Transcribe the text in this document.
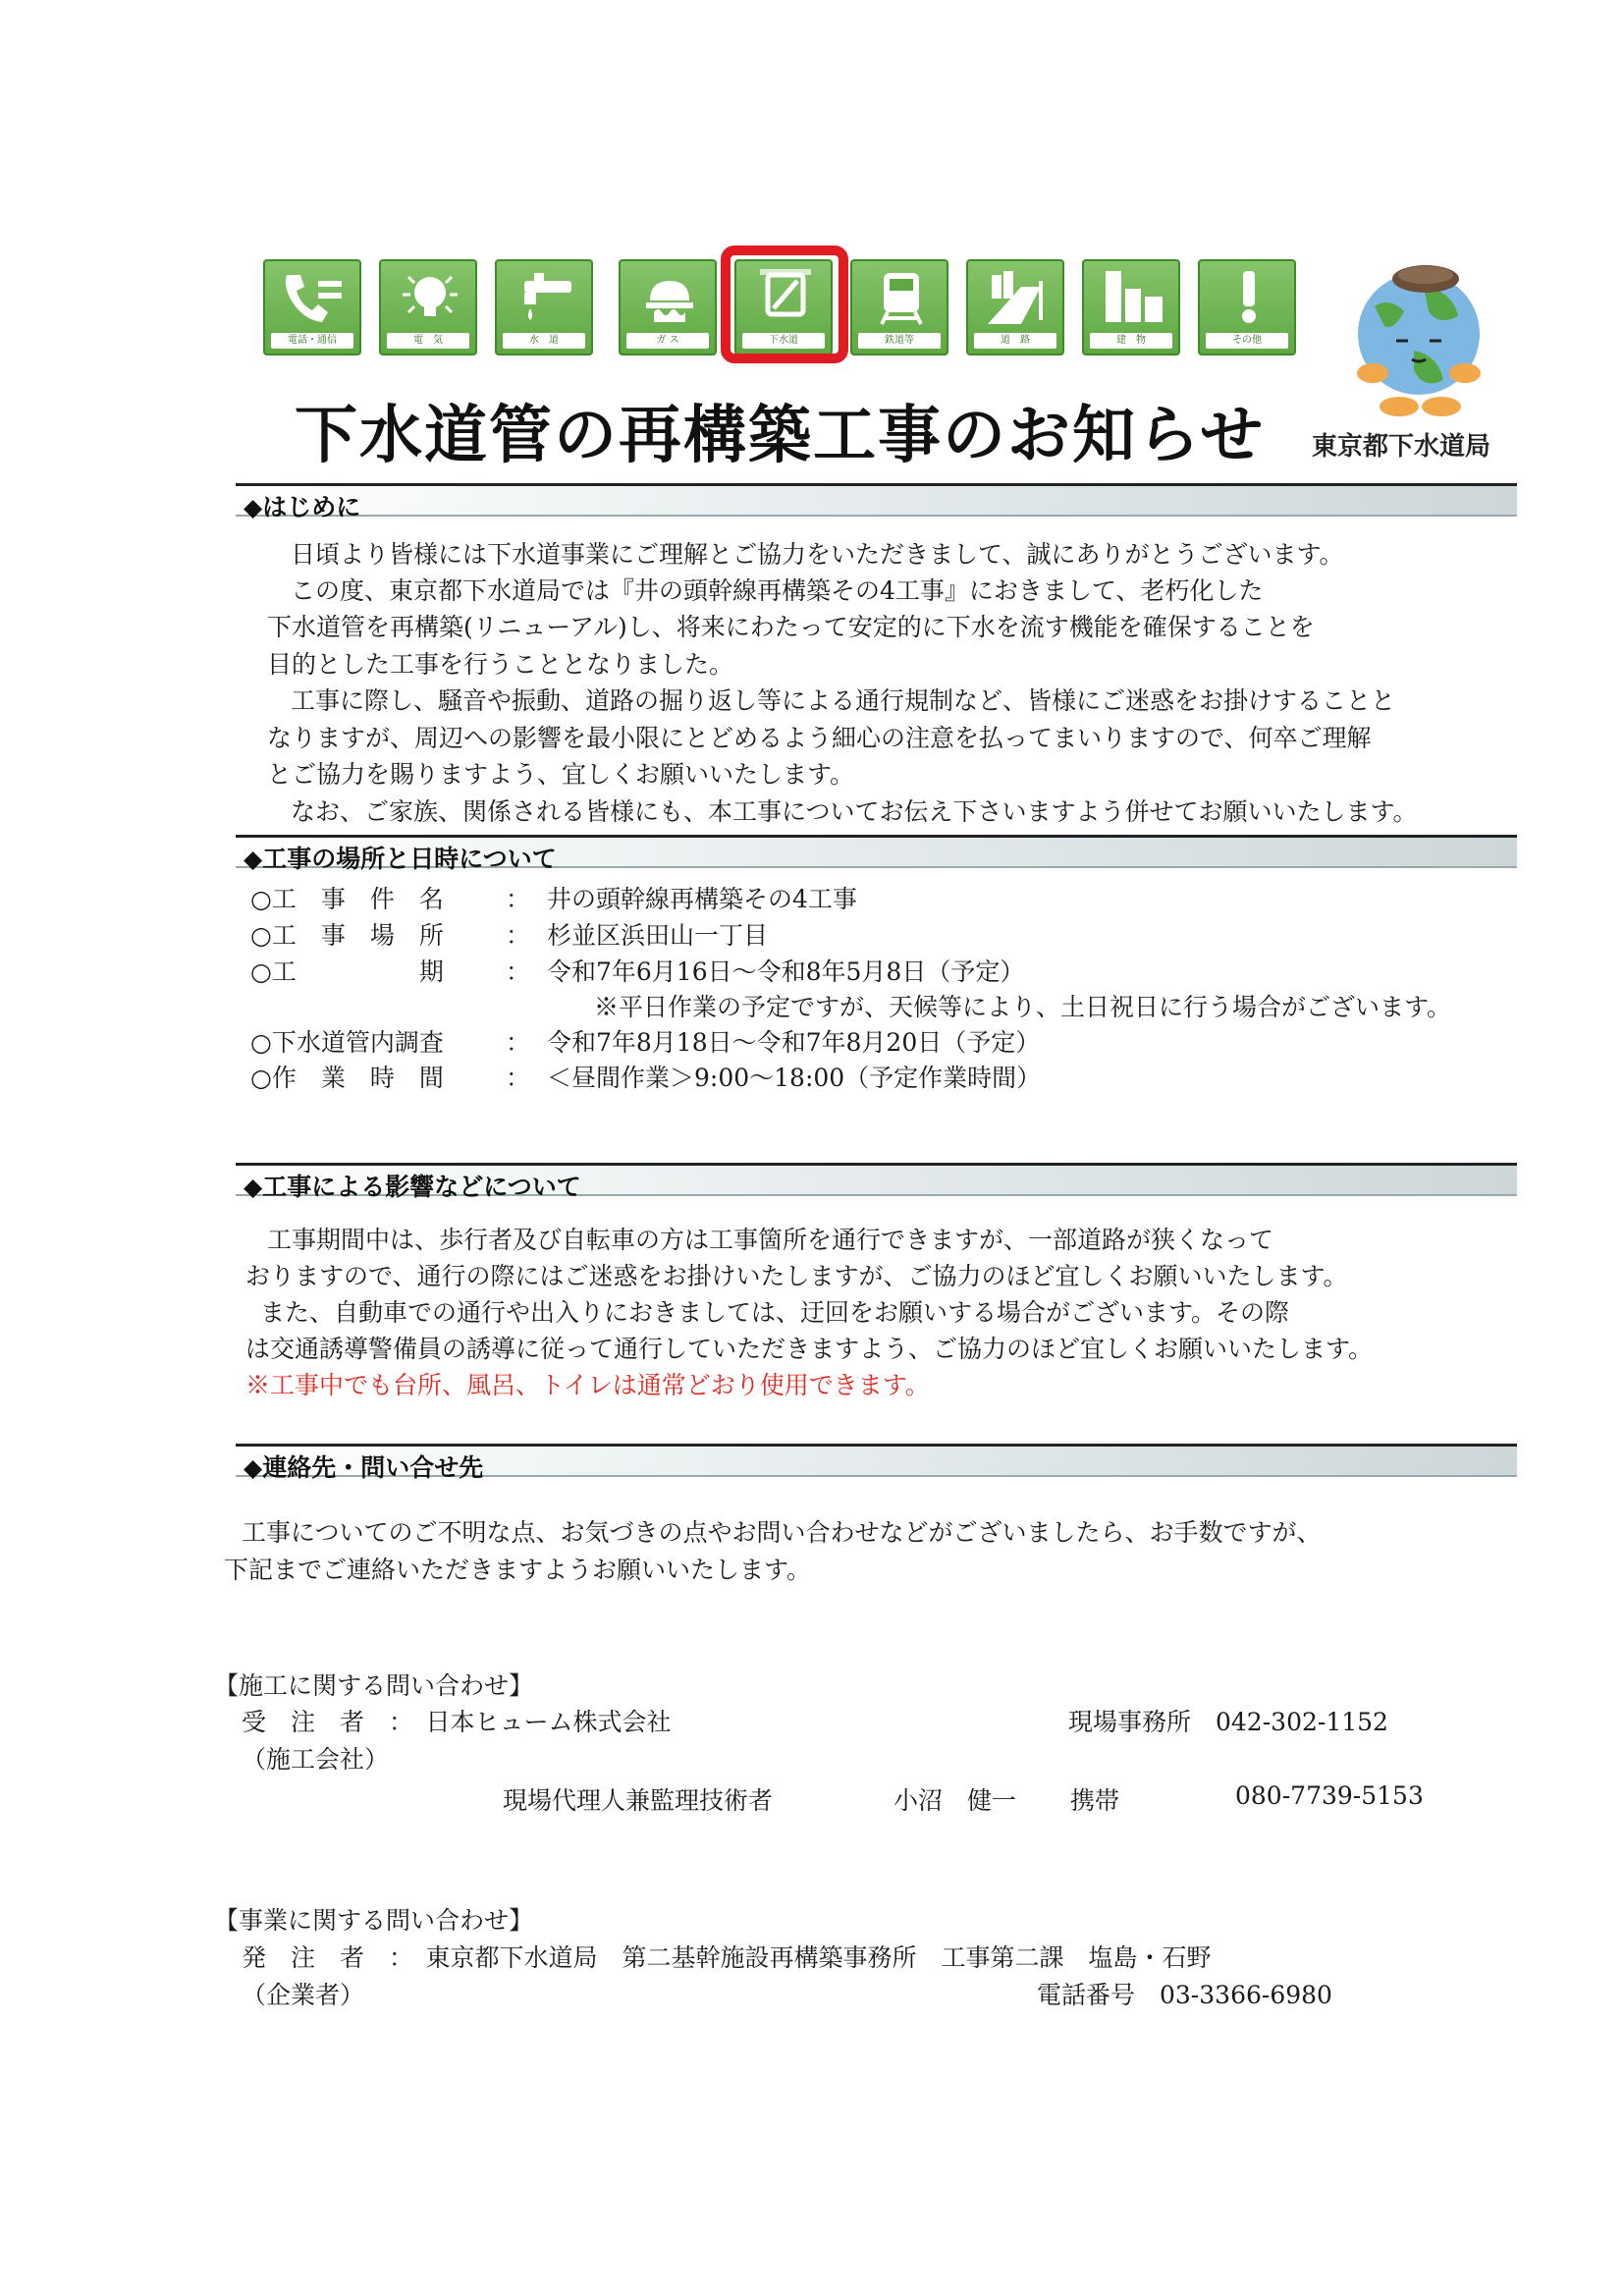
電話・通信	電　気	水　道	ガ ス	下水道	鉄道等	道　路	建　物	その他
下水道管の再構築工事のお知らせ 東京都下水道局
◆はじめに
日頃より皆様には下水道事業にご理解とご協力をいただきまして、誠にありがとうございます。
この度、東京都下水道局では『井の頭幹線再構築その4工事』におきまして、老朽化した
下水道管を再構築(リニューアル)し、将来にわたって安定的に下水を流す機能を確保することを
目的とした工事を行うこととなりました。
工事に際し、騒音や振動、道路の掘り返し等による通行規制など、皆様にご迷惑をお掛けすることと
なりますが、周辺への影響を最小限にとどめるよう細心の注意を払ってまいりますので、何卒ご理解
とご協力を賜りますよう、宜しくお願いいたします。
なお、ご家族、関係される皆様にも、本工事についてお伝え下さいますよう併せてお願いいたします。
◆工事の場所と日時について
○工　事　件　名	： 井の頭幹線再構築その4工事
○工　事　場　所	： 杉並区浜田山一丁目
○工　　　　　期	： 令和7年6月16日～令和8年5月8日（予定）
※平日作業の予定ですが、天候等により、土日祝日に行う場合がございます。
○下水道管内調査	： 令和7年8月18日～令和7年8月20日（予定）
○作　業　時　間	： ＜昼間作業＞9:00～18:00（予定作業時間）
◆工事による影響などについて
工事期間中は、歩行者及び自転車の方は工事箇所を通行できますが、一部道路が狭くなって
おりますので、通行の際にはご迷惑をお掛けいたしますが、ご協力のほど宜しくお願いいたします。
また、自動車での通行や出入りにおきましては、迂回をお願いする場合がございます。その際
は交通誘導警備員の誘導に従って通行していただきますよう、ご協力のほど宜しくお願いいたします。
※工事中でも台所、風呂、トイレは通常どおり使用できます。
◆連絡先・問い合せ先
工事についてのご不明な点、お気づきの点やお問い合わせなどがございましたら、お手数ですが、
下記までご連絡いただきますようお願いいたします。
【施工に関する問い合わせ】
受　注　者　：　日本ヒューム株式会社	現場事務所　042-302-1152
（施工会社）
現場代理人兼監理技術者	小沼　健一 携帯	080-7739-5153
【事業に関する問い合わせ】
発　注　者　：　東京都下水道局　第二基幹施設再構築事務所　工事第二課　塩島・石野
（企業者）	電話番号　03-3366-6980
